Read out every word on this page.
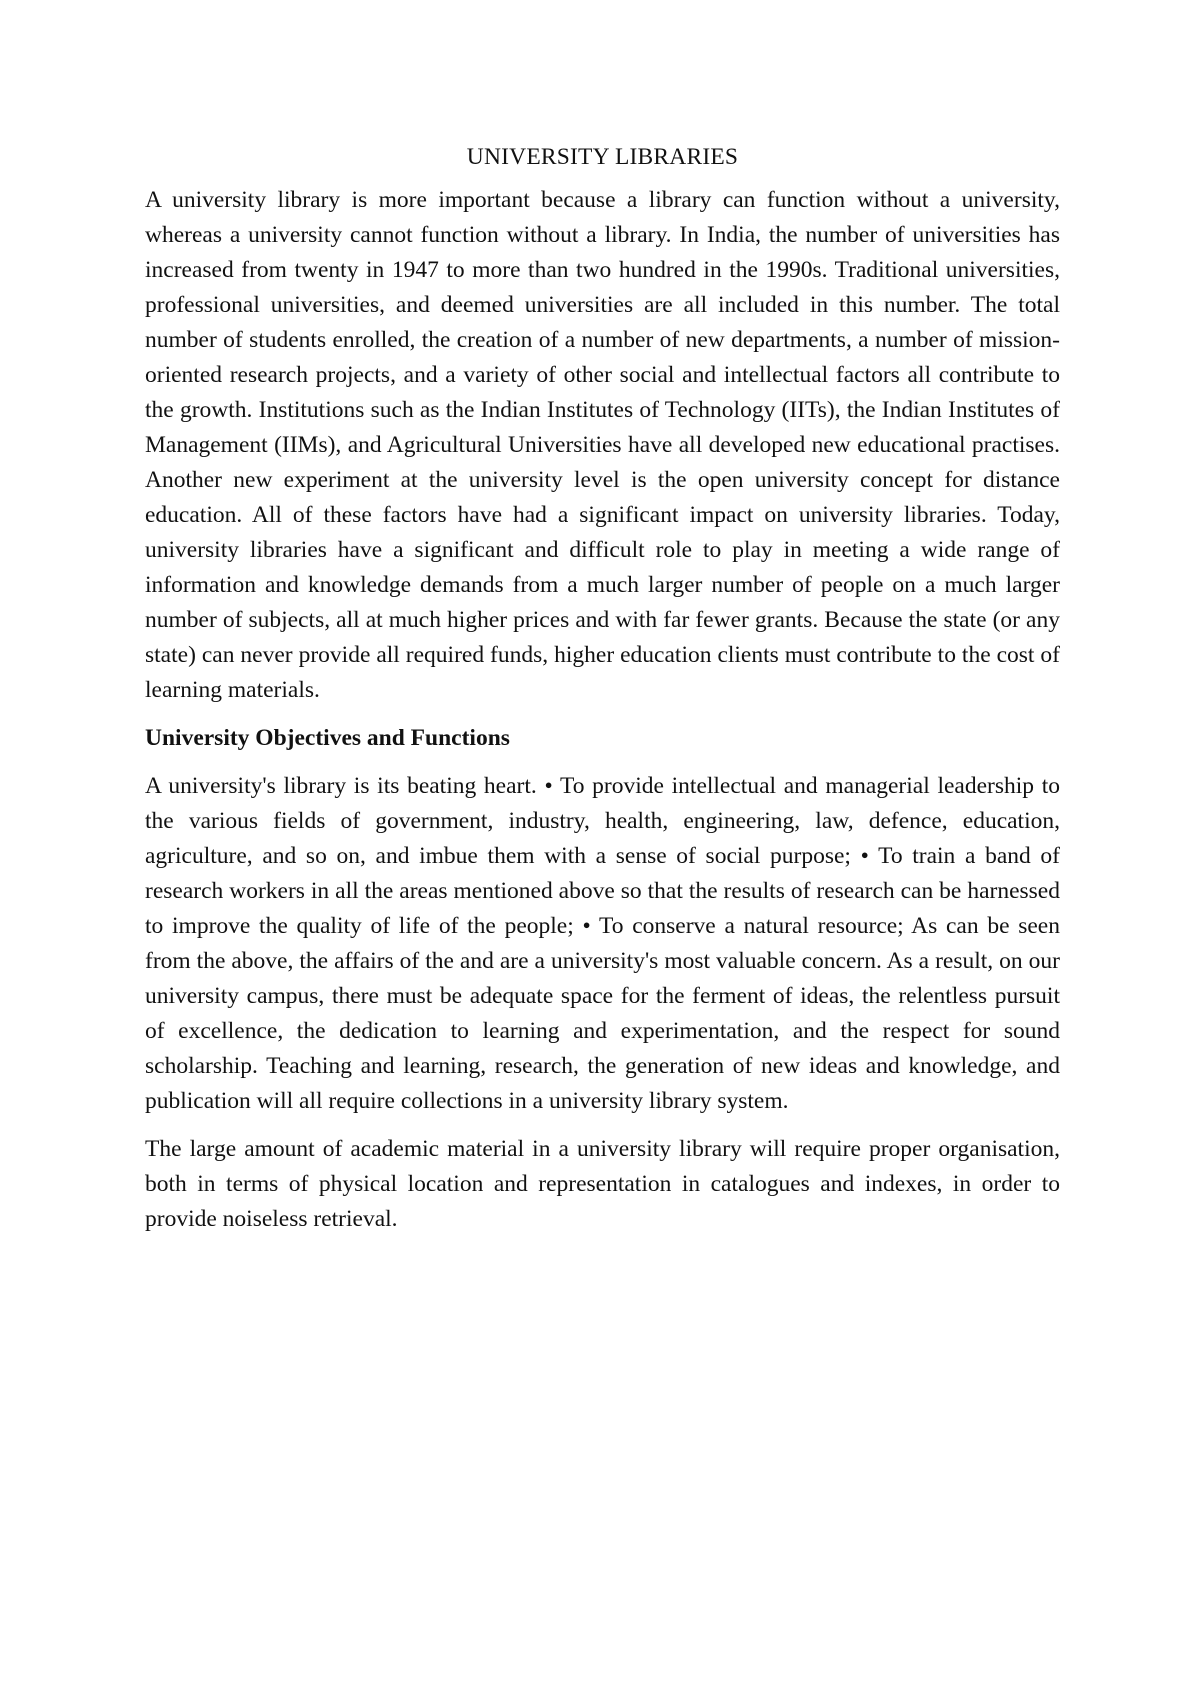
UNIVERSITY LIBRARIES

A university library is more important because a library can function without a university, whereas a university cannot function without a library. In India, the number of universities has increased from twenty in 1947 to more than two hundred in the 1990s. Traditional universities, professional universities, and deemed universities are all included in this number. The total number of students enrolled, the creation of a number of new departments, a number of mission-oriented research projects, and a variety of other social and intellectual factors all contribute to the growth. Institutions such as the Indian Institutes of Technology (IITs), the Indian Institutes of Management (IIMs), and Agricultural Universities have all developed new educational practises. Another new experiment at the university level is the open university concept for distance education. All of these factors have had a significant impact on university libraries. Today, university libraries have a significant and difficult role to play in meeting a wide range of information and knowledge demands from a much larger number of people on a much larger number of subjects, all at much higher prices and with far fewer grants. Because the state (or any state) can never provide all required funds, higher education clients must contribute to the cost of learning materials.

University Objectives and Functions

A university's library is its beating heart. • To provide intellectual and managerial leadership to the various fields of government, industry, health, engineering, law, defence, education, agriculture, and so on, and imbue them with a sense of social purpose; • To train a band of research workers in all the areas mentioned above so that the results of research can be harnessed to improve the quality of life of the people; • To conserve a natural resource; As can be seen from the above, the affairs of the and are a university's most valuable concern. As a result, on our university campus, there must be adequate space for the ferment of ideas, the relentless pursuit of excellence, the dedication to learning and experimentation, and the respect for sound scholarship. Teaching and learning, research, the generation of new ideas and knowledge, and publication will all require collections in a university library system.

The large amount of academic material in a university library will require proper organisation, both in terms of physical location and representation in catalogues and indexes, in order to provide noiseless retrieval.
